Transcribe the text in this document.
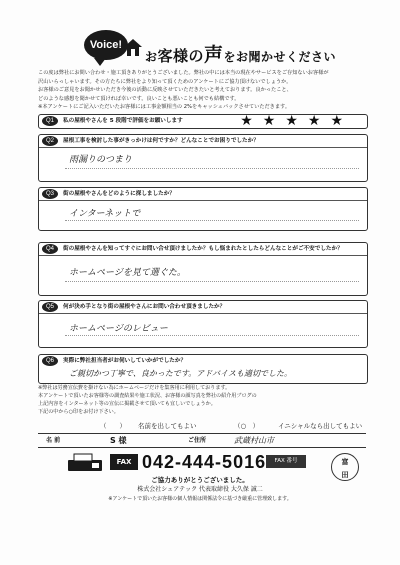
Voice!
お客様の声をお聞かせください

この度は弊社にお問い合わせ・施工頂きありがとうございました。弊社の中には本当の現在やサービスをご存知ないお客様が

沢山いらっしゃいます。その方たちに弊社をより知って頂くためのアンケートにご協力頂けないでしょうか。

お客様のご意見をお聞かせいただき今後の活動に反映させていただきたいと考えております。良かったこと、

どのような感想を聞かせて頂ければ幸いです。良いことも悪いことも何でも結構です。

※本アンケートにご記入いただいたお客様には工事金額相当の 2%をキャッシュバックさせていただきます。

Q1	私の屋根やさんを 5 段階で評価をお願いします	★★★★★
Q2	屋根工事を検討した事がきっかけは何ですか？どんなことでお困りでしたか？
雨漏りのつまり
Q3	街の屋根やさんをどのように探しましたか？
インターネットで
Q4	街の屋根やさんを知ってすぐにお問い合せ頂けましたか？もし悩まれたとしたらどんなことがご不安でしたか？
ホームページを見て選ぐた。
Q5	何が決め手となり街の屋根やさんにお問い合わせ頂きましたか？
ホームページのレビュー
Q6	実際に弊社担当者がお伺いしていかがでしたか？
ご親切かつ丁寧で、良かったです。アドバイスも適切でした。

※弊社は労務宣伝費を掛けない為にホームページだけを集客用に利用しております。

本アンケートで頂いたお客様等の調査結果や施工状況、お客様の顔写真を弊社の紹介用ブログの

上記内容をインターネット等の宣伝に掲載させて頂いても宜しいでしょうか。

下記の中から○印をお付け下さい。

（　　） 名前を出してもよい	（○　）	イニシャルなら出してもよい
名 前	S 様	ご住所	武蔵村山市
FAX 042-444-5016	FAX 番号	富
田
ご協力ありがとうございました。
株式会社シェアテック 代表取締役 大久保 誠二
※アンケートで頂いたお客様の個人情報は関係法令に基づき厳重に管理致します。
